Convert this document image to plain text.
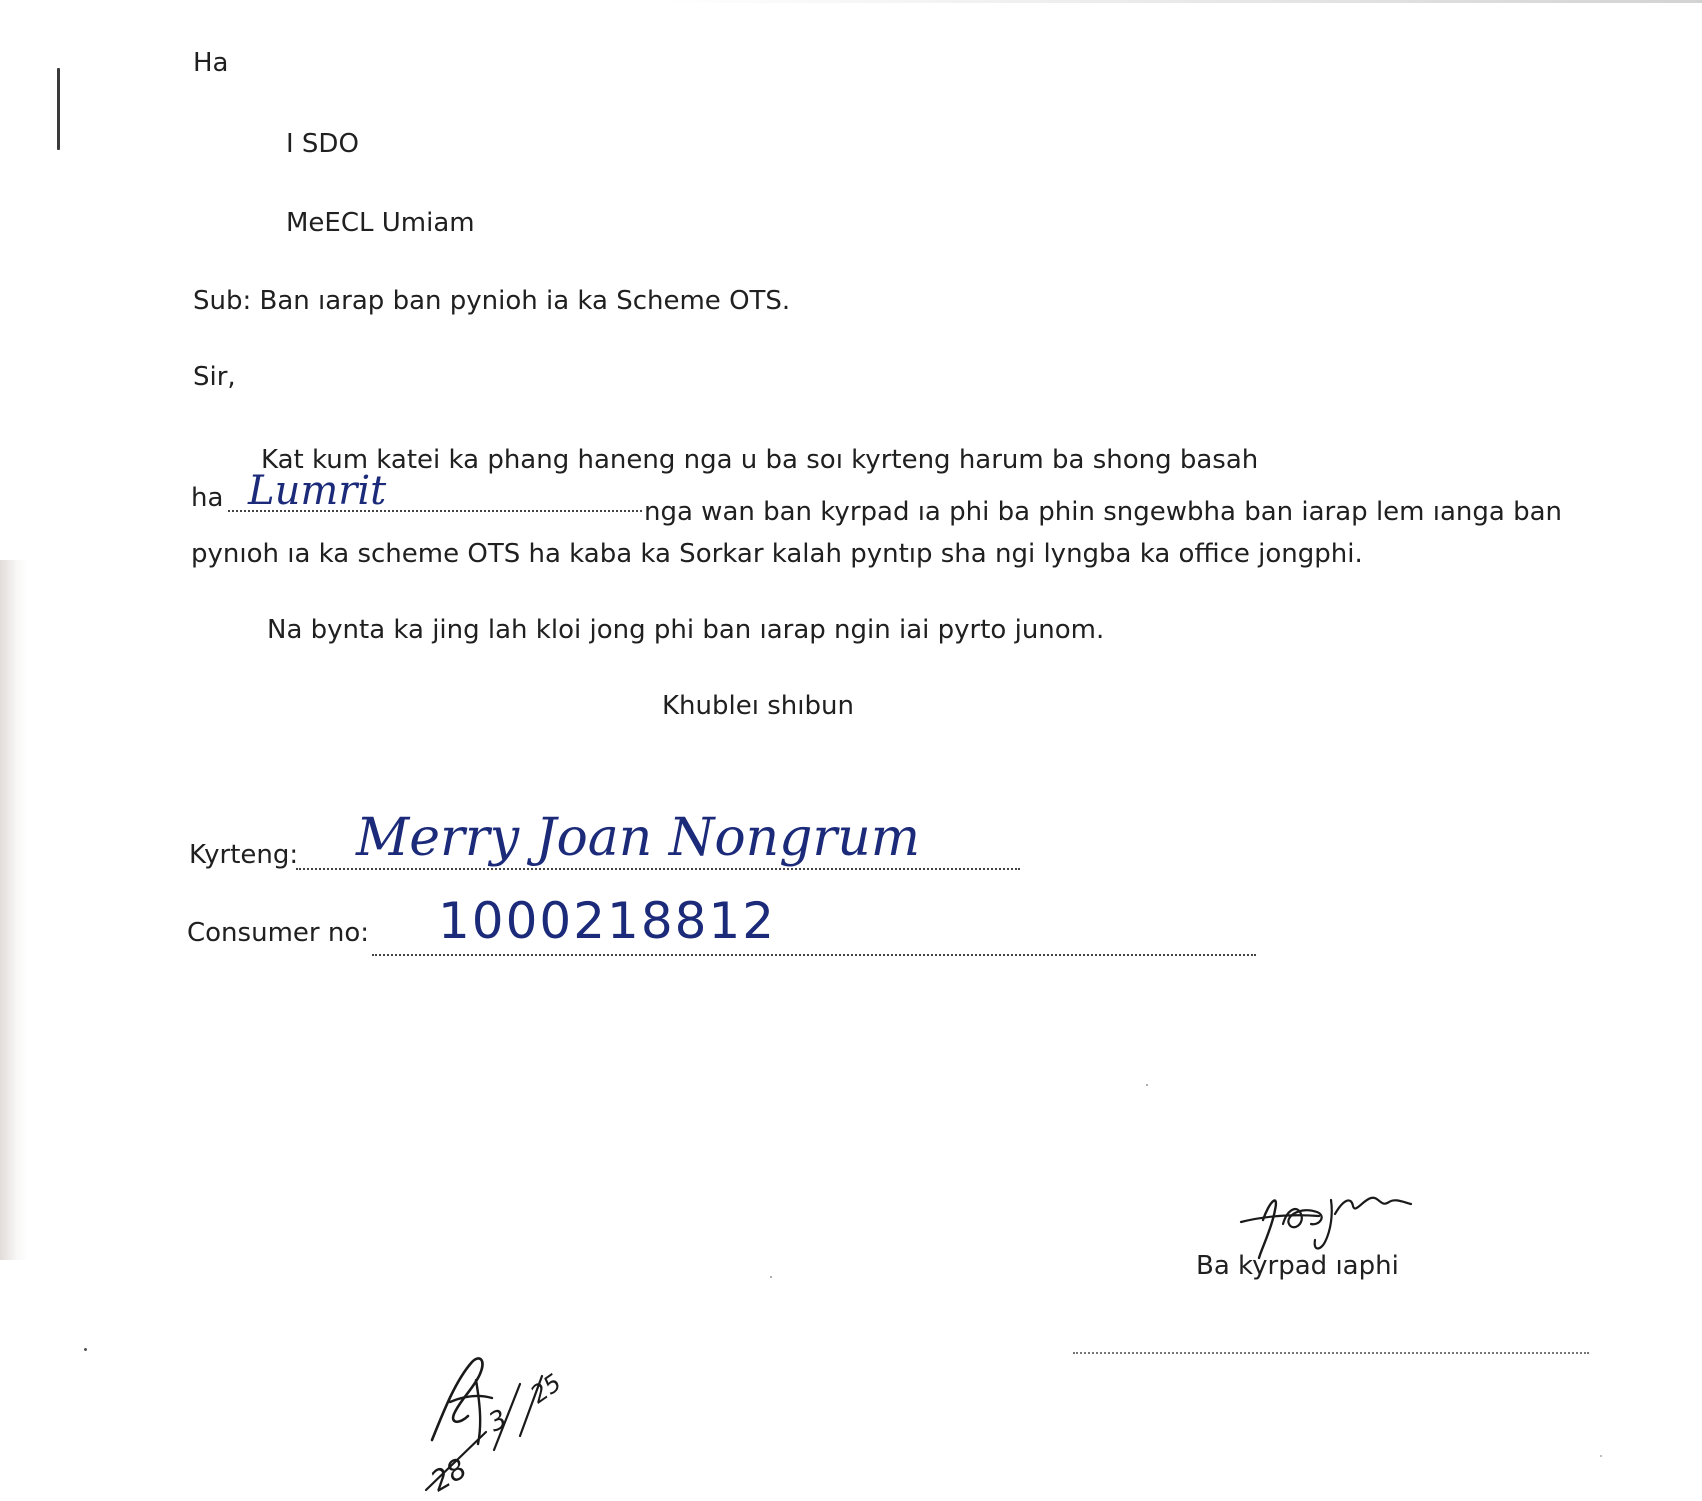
Ha
I SDO
MeECL Umiam
Sub: Ban ıarap ban pynioh ia ka Scheme OTS.
Sir,
Kat kum katei ka phang haneng nga u ba soı kyrteng harum ba shong basah
ha Lumrit	nga wan ban kyrpad ıa phi ba phin sngewbha ban iarap lem ıanga ban
pynıoh ıa ka scheme OTS ha kaba ka Sorkar kalah pyntıp sha ngi lyngba ka office jongphi.
Na bynta ka jing lah kloi jong phi ban ıarap ngin iai pyrto junom.
Khubleı shıbun
Kyrteng: Merry Joan Nongrum
Consumer no: 1000218812
Ba kyrpad ıaphi
28
3
25
